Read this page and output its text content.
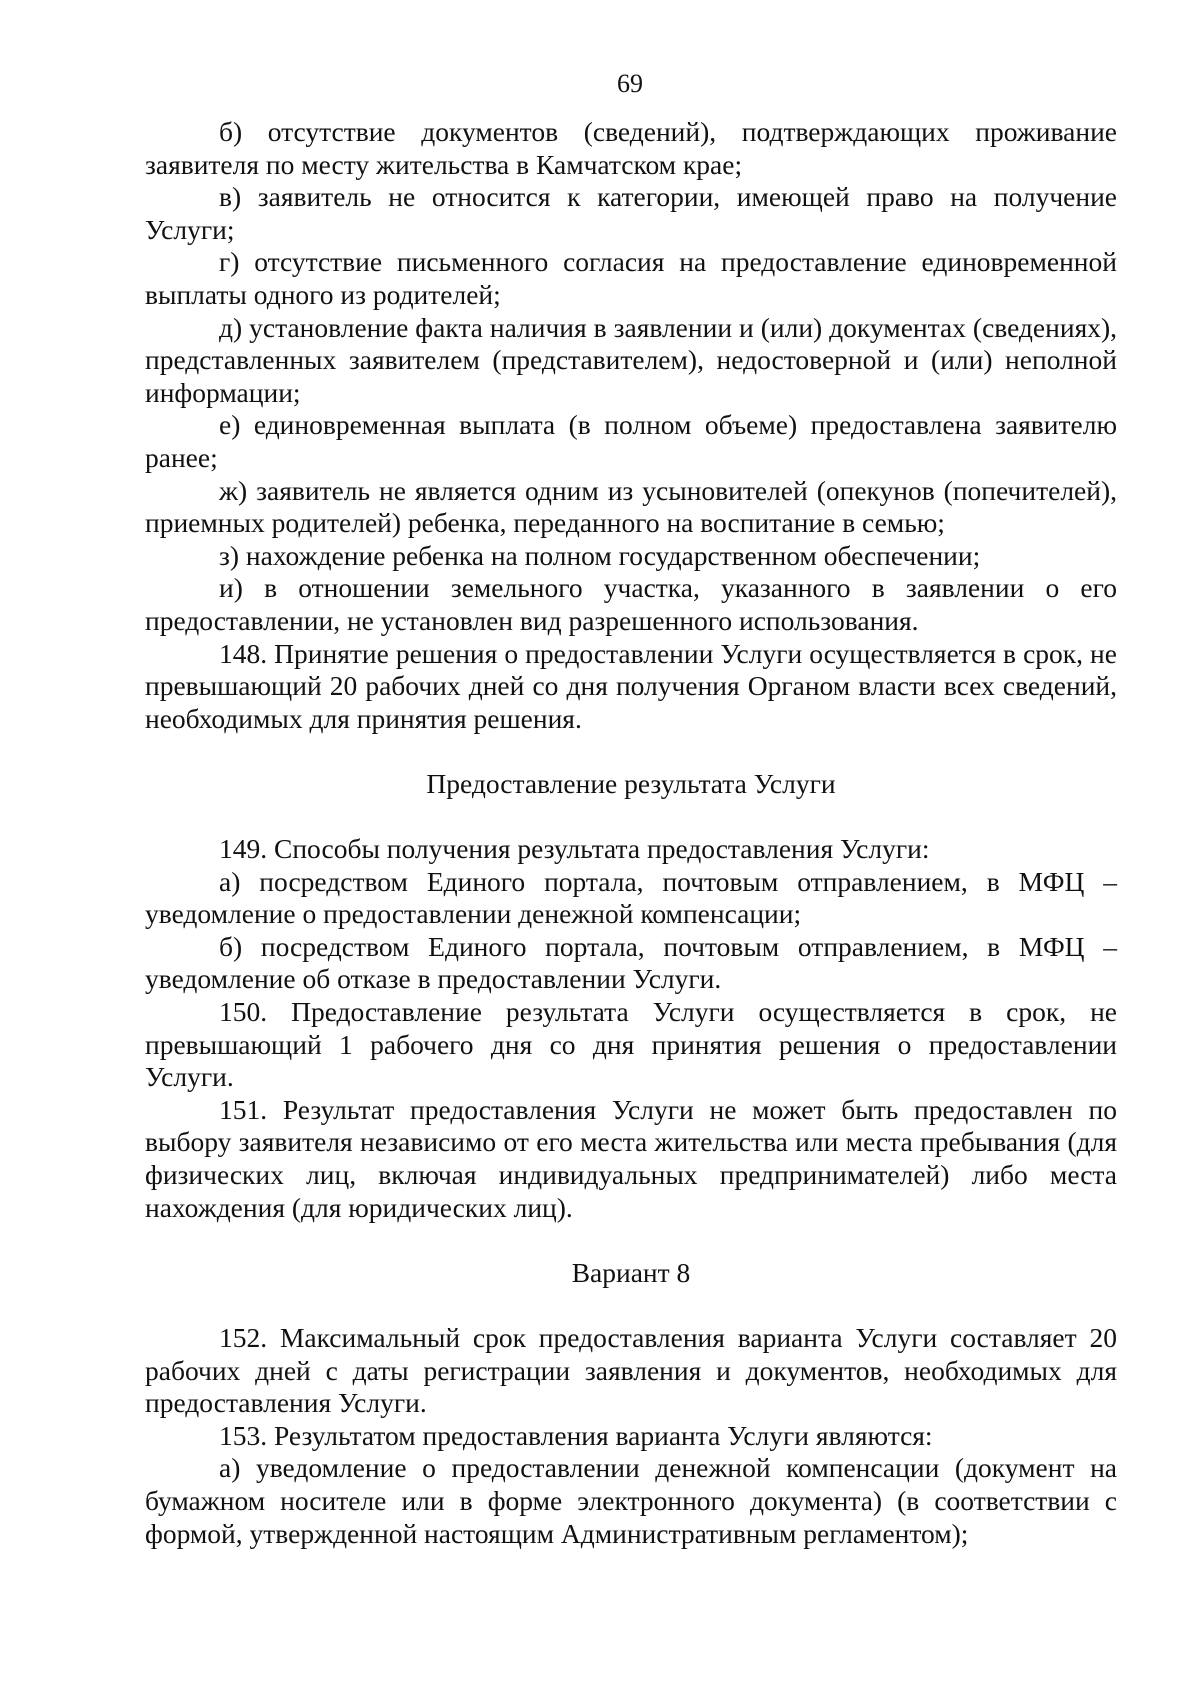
69

б) отсутствие документов (сведений), подтверждающих проживание заявителя по месту жительства в Камчатском крае;

в) заявитель не относится к категории, имеющей право на получение Услуги;

г) отсутствие письменного согласия на предоставление единовременной выплаты одного из родителей;

д) установление факта наличия в заявлении и (или) документах (сведениях), представленных заявителем (представителем), недостоверной и (или) неполной информации;

е) единовременная выплата (в полном объеме) предоставлена заявителю ранее;

ж) заявитель не является одним из усыновителей (опекунов (попечителей), приемных родителей) ребенка, переданного на воспитание в семью;

з) нахождение ребенка на полном государственном обеспечении;

и) в отношении земельного участка, указанного в заявлении о его предоставлении, не установлен вид разрешенного использования.

148. Принятие решения о предоставлении Услуги осуществляется в срок, не превышающий 20 рабочих дней со дня получения Органом власти всех сведений, необходимых для принятия решения.

Предоставление результата Услуги

149. Способы получения результата предоставления Услуги:

а) посредством Единого портала, почтовым отправлением, в МФЦ – уведомление о предоставлении денежной компенсации;

б) посредством Единого портала, почтовым отправлением, в МФЦ – уведомление об отказе в предоставлении Услуги.

150. Предоставление результата Услуги осуществляется в срок, не превышающий 1 рабочего дня со дня принятия решения о предоставлении Услуги.

151. Результат предоставления Услуги не может быть предоставлен по выбору заявителя независимо от его места жительства или места пребывания (для физических лиц, включая индивидуальных предпринимателей) либо места нахождения (для юридических лиц).

Вариант 8

152. Максимальный срок предоставления варианта Услуги составляет 20 рабочих дней с даты регистрации заявления и документов, необходимых для предоставления Услуги.

153. Результатом предоставления варианта Услуги являются:

а) уведомление о предоставлении денежной компенсации (документ на бумажном носителе или в форме электронного документа) (в соответствии с формой, утвержденной настоящим Административным регламентом);
